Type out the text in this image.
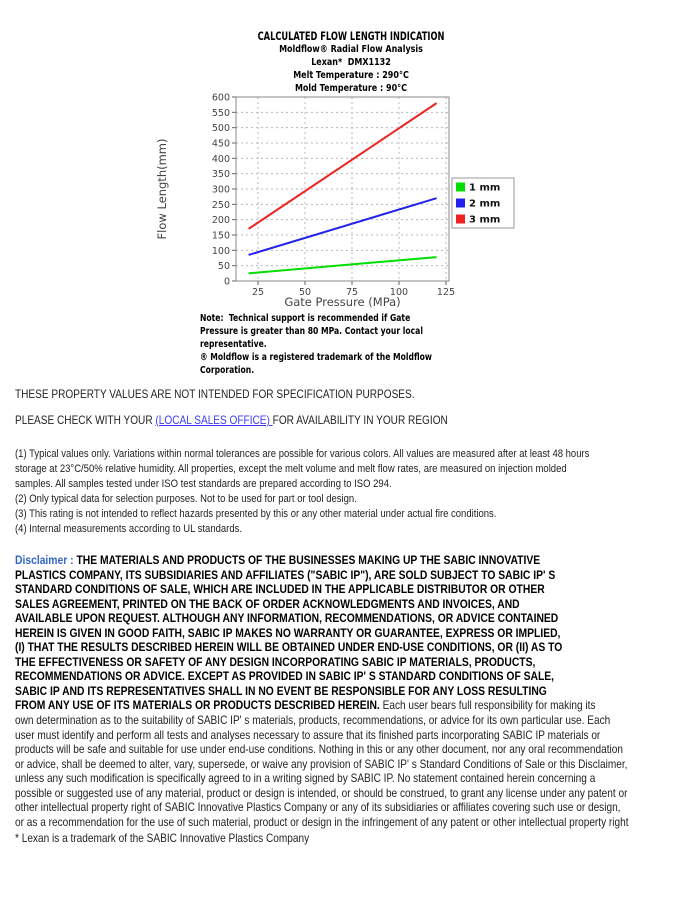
CALCULATED FLOW LENGTH INDICATION
Moldflow® Radial Flow Analysis
Lexan*  DMX1132
Melt Temperature : 290°C
Mold Temperature : 90°C
0
50
100
150
200
250
300
350
400
450
500
550
600
25	50	75	100	125
Flow Length(mm)
Gate Pressure (MPa)
1 mm
2 mm
3 mm
Note:  Technical support is recommended if Gate
Pressure is greater than 80 MPa. Contact your local
representative.
® Moldflow is a registered trademark of the Moldflow
Corporation.
THESE PROPERTY VALUES ARE NOT INTENDED FOR SPECIFICATION PURPOSES.
PLEASE CHECK WITH YOUR (LOCAL SALES OFFICE) FOR AVAILABILITY IN YOUR REGION
(1) Typical values only. Variations within normal tolerances are possible for various colors. All values are measured after at least 48 hours
storage at 23°C/50% relative humidity. All properties, except the melt volume and melt flow rates, are measured on injection molded
samples. All samples tested under ISO test standards are prepared according to ISO 294.
(2) Only typical data for selection purposes. Not to be used for part or tool design.
(3) This rating is not intended to reflect hazards presented by this or any other material under actual fire conditions.
(4) Internal measurements according to UL standards.
Disclaimer : THE MATERIALS AND PRODUCTS OF THE BUSINESSES MAKING UP THE SABIC INNOVATIVE
PLASTICS COMPANY, ITS SUBSIDIARIES AND AFFILIATES ("SABIC IP"), ARE SOLD SUBJECT TO SABIC IP' S
STANDARD CONDITIONS OF SALE, WHICH ARE INCLUDED IN THE APPLICABLE DISTRIBUTOR OR OTHER
SALES AGREEMENT, PRINTED ON THE BACK OF ORDER ACKNOWLEDGMENTS AND INVOICES, AND
AVAILABLE UPON REQUEST. ALTHOUGH ANY INFORMATION, RECOMMENDATIONS, OR ADVICE CONTAINED
HEREIN IS GIVEN IN GOOD FAITH, SABIC IP MAKES NO WARRANTY OR GUARANTEE, EXPRESS OR IMPLIED,
(I) THAT THE RESULTS DESCRIBED HEREIN WILL BE OBTAINED UNDER END-USE CONDITIONS, OR (II) AS TO
THE EFFECTIVENESS OR SAFETY OF ANY DESIGN INCORPORATING SABIC IP MATERIALS, PRODUCTS,
RECOMMENDATIONS OR ADVICE. EXCEPT AS PROVIDED IN SABIC IP' S STANDARD CONDITIONS OF SALE,
SABIC IP AND ITS REPRESENTATIVES SHALL IN NO EVENT BE RESPONSIBLE FOR ANY LOSS RESULTING
FROM ANY USE OF ITS MATERIALS OR PRODUCTS DESCRIBED HEREIN. Each user bears full responsibility for making its
own determination as to the suitability of SABIC IP' s materials, products, recommendations, or advice for its own particular use. Each
user must identify and perform all tests and analyses necessary to assure that its finished parts incorporating SABIC IP materials or
products will be safe and suitable for use under end-use conditions. Nothing in this or any other document, nor any oral recommendation
or advice, shall be deemed to alter, vary, supersede, or waive any provision of SABIC IP' s Standard Conditions of Sale or this Disclaimer,
unless any such modification is specifically agreed to in a writing signed by SABIC IP. No statement contained herein concerning a
possible or suggested use of any material, product or design is intended, or should be construed, to grant any license under any patent or
other intellectual property right of SABIC Innovative Plastics Company or any of its subsidiaries or affiliates covering such use or design,
or as a recommendation for the use of such material, product or design in the infringement of any patent or other intellectual property right
* Lexan is a trademark of the SABIC Innovative Plastics Company
